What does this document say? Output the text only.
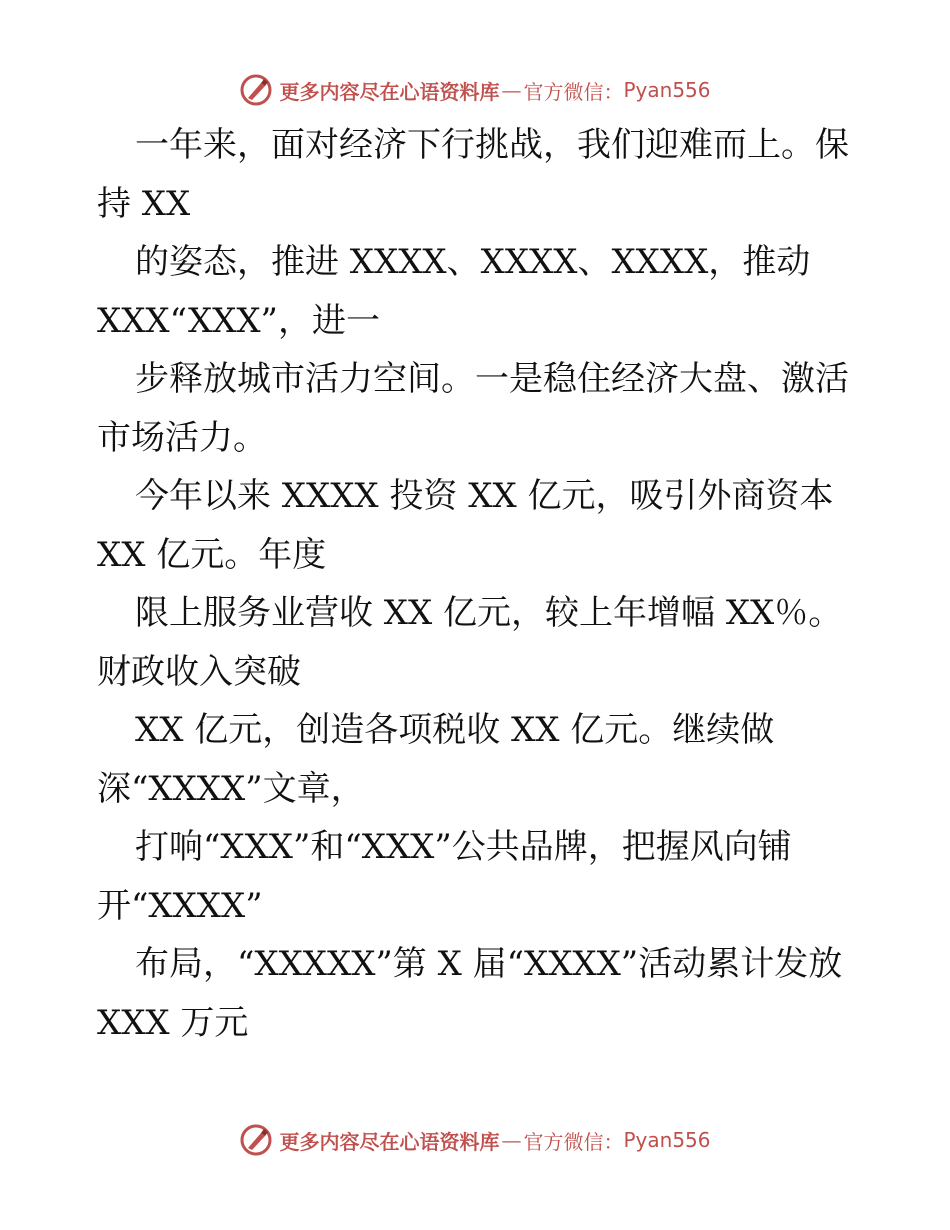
更多内容尽在心语资料库 — 官方微信： Pyan556
一年来，面对经济下行挑战，我们迎难而上。保
持 XX
的姿态，推进 XXXX、XXXX、XXXX，推动
XXX“XXX”，进一
步释放城市活力空间。一是稳住经济大盘、激活
市场活力。
今年以来 XXXX 投资 XX 亿元，吸引外商资本
XX 亿元。年度
限上服务业营收 XX 亿元，较上年增幅 XX％。
财政收入突破
XX 亿元，创造各项税收 XX 亿元。继续做
深“XXXX”文章，
打响“XXX”和“XXX”公共品牌，把握风向铺
开“XXXX”
布局，“XXXXX”第 X 届“XXXX”活动累计发放
XXX 万元
更多内容尽在心语资料库 — 官方微信： Pyan556
